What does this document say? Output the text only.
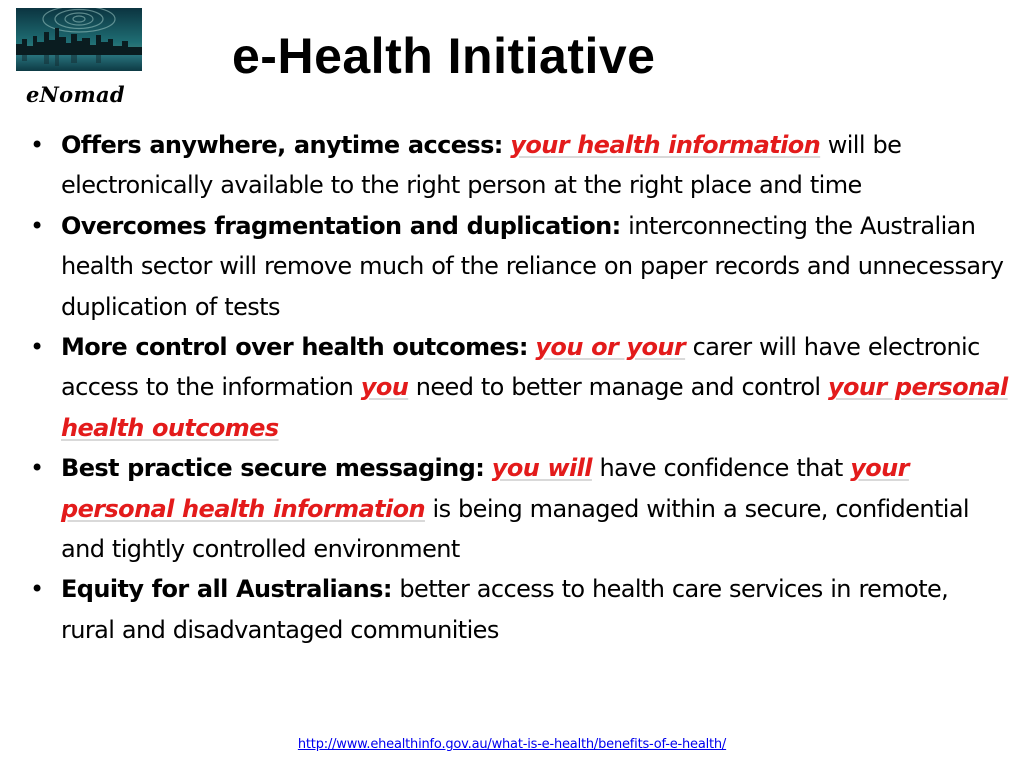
eNomad
e-Health Initiative
• Offers anywhere, anytime access: your health information will be electronically available to the right person at the right place and time
• Overcomes fragmentation and duplication: interconnecting the Australian health sector will remove much of the reliance on paper records and unnecessary duplication of tests
• More control over health outcomes: you or your carer will have electronic access to the information you need to better manage and control your personal health outcomes
• Best practice secure messaging: you will have confidence that your personal health information is being managed within a secure, confidential and tightly controlled environment
• Equity for all Australians: better access to health care services in remote, rural and disadvantaged communities
http://www.ehealthinfo.gov.au/what-is-e-health/benefits-of-e-health/
